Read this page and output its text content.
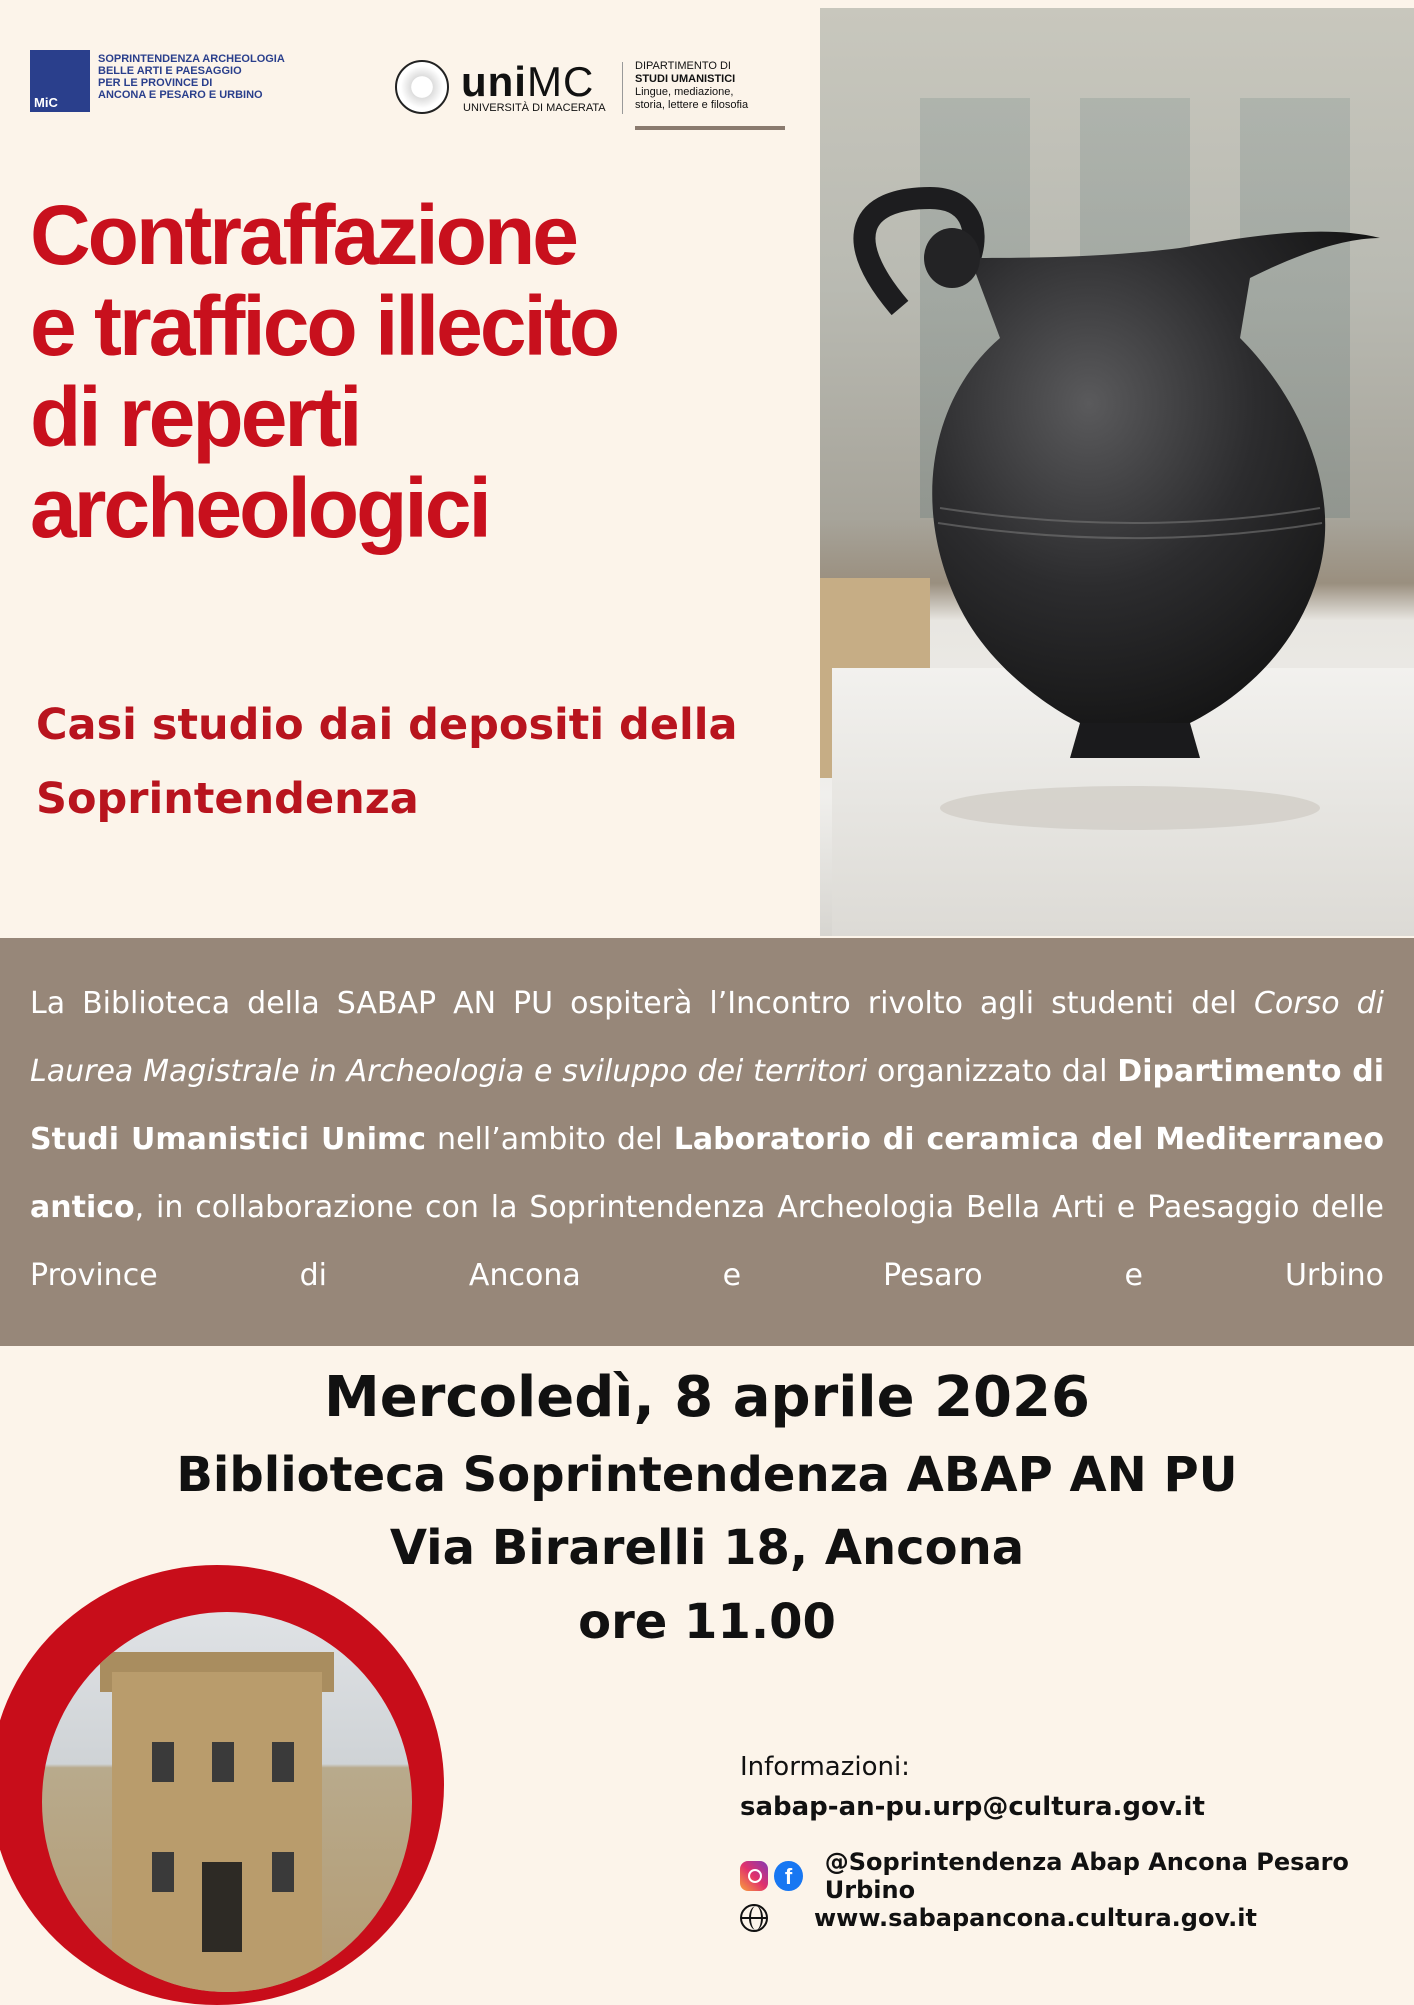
MiC
SOPRINTENDENZA ARCHEOLOGIA
BELLE ARTI E PAESAGGIO
PER LE PROVINCE DI
ANCONA E PESARO E URBINO	uniMC
UNIVERSITÀ DI MACERATA
DIPARTIMENTO DI
STUDI UMANISTICI
Lingue, mediazione,
storia, lettere e filosofia
Contraffazione
e traffico illecito
di reperti
archeologici
Casi studio dai depositi della
Soprintendenza
La Biblioteca della SABAP AN PU ospiterà l’Incontro rivolto agli studenti del Corso di Laurea Magistrale in Archeologia e sviluppo dei territori organizzato dal Dipartimento di Studi Umanistici Unimc nell’ambito del Laboratorio di ceramica del Mediterraneo antico, in collaborazione con la Soprintendenza Archeologia Bella Arti e Paesaggio delle Province di Ancona e Pesaro e Urbino
Mercoledì, 8 aprile 2026
Biblioteca Soprintendenza ABAP AN PU
Via Birarelli 18, Ancona
ore 11.00
Informazioni:
sabap-an-pu.urp@cultura.gov.it
f
@Soprintendenza Abap Ancona Pesaro Urbino
www.sabapancona.cultura.gov.it
